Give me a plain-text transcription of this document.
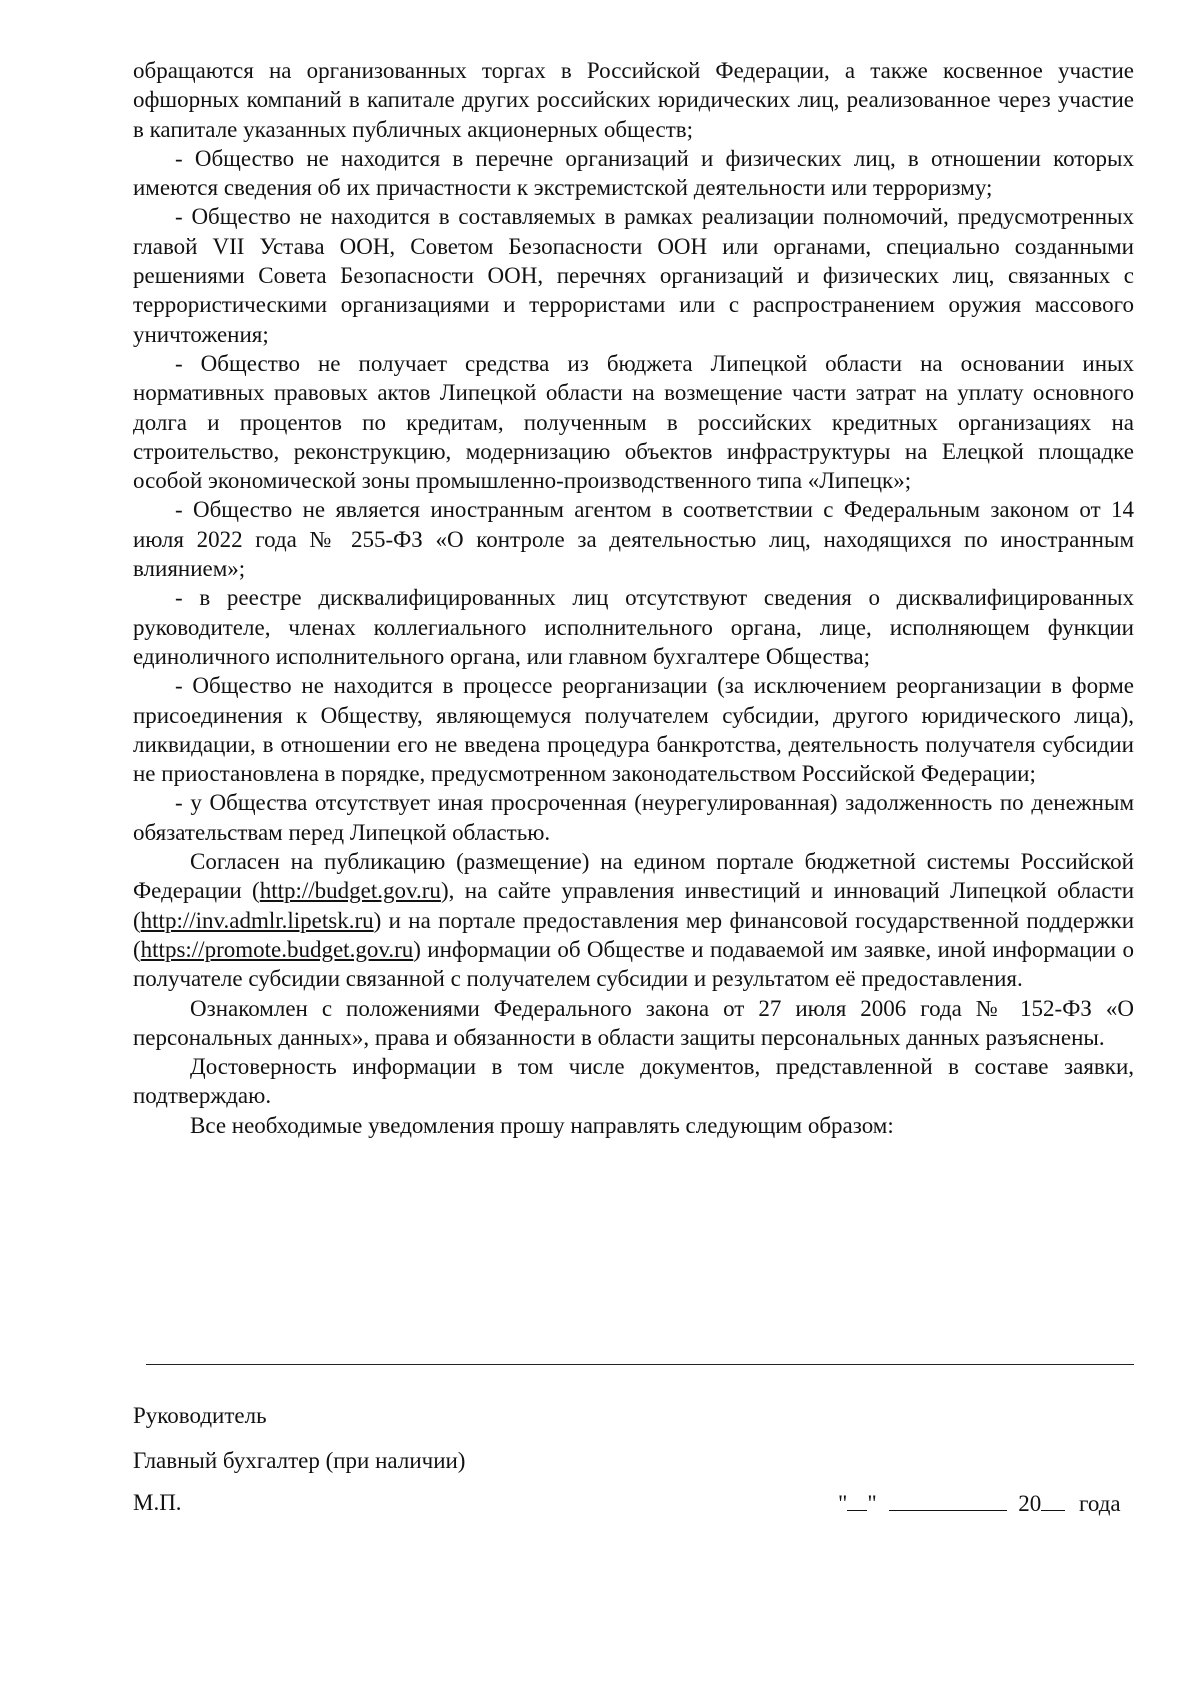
обращаются на организованных торгах в Российской Федерации, а также косвенное участие офшорных компаний в капитале других российских юридических лиц, реализованное через участие в капитале указанных публичных акционерных обществ;

- Общество не находится в перечне организаций и физических лиц, в отношении которых имеются сведения об их причастности к экстремистской деятельности или терроризму;

- Общество не находится в составляемых в рамках реализации полномочий, предусмотренных главой VII Устава ООН, Советом Безопасности ООН или органами, специально созданными решениями Совета Безопасности ООН, перечнях организаций и физических лиц, связанных с террористическими организациями и террористами или с распространением оружия массового уничтожения;

- Общество не получает средства из бюджета Липецкой области на основании иных нормативных правовых актов Липецкой области на возмещение части затрат на уплату основного долга и процентов по кредитам, полученным в российских кредитных организациях на строительство, реконструкцию, модернизацию объектов инфраструктуры на Елецкой площадке особой экономической зоны промышленно-производственного типа «Липецк»;

- Общество не является иностранным агентом в соответствии с Федеральным законом от 14 июля 2022 года № 255-ФЗ «О контроле за деятельностью лиц, находящихся по иностранным влиянием»;

- в реестре дисквалифицированных лиц отсутствуют сведения о дисквалифицированных руководителе, членах коллегиального исполнительного органа, лице, исполняющем функции единоличного исполнительного органа, или главном бухгалтере Общества;

- Общество не находится в процессе реорганизации (за исключением реорганизации в форме присоединения к Обществу, являющемуся получателем субсидии, другого юридического лица), ликвидации, в отношении его не введена процедура банкротства, деятельность получателя субсидии не приостановлена в порядке, предусмотренном законодательством Российской Федерации;

- у Общества отсутствует иная просроченная (неурегулированная) задолженность по денежным обязательствам перед Липецкой областью.

Согласен на публикацию (размещение) на едином портале бюджетной системы Российской Федерации (http://budget.gov.ru), на сайте управления инвестиций и инноваций Липецкой области (http://inv.admlr.lipetsk.ru) и на портале предоставления мер финансовой государственной поддержки (https://promote.budget.gov.ru) информации об Обществе и подаваемой им заявке, иной информации о получателе субсидии связанной с получателем субсидии и результатом её предоставления.

Ознакомлен с положениями Федерального закона от 27 июля 2006 года № 152-ФЗ «О персональных данных», права и обязанности в области защиты персональных данных разъяснены.

Достоверность информации в том числе документов, представленной в составе заявки, подтверждаю.

Все необходимые уведомления прошу направлять следующим образом:

Руководитель

Главный бухгалтер (при наличии)

М.П.	" "	20 года
